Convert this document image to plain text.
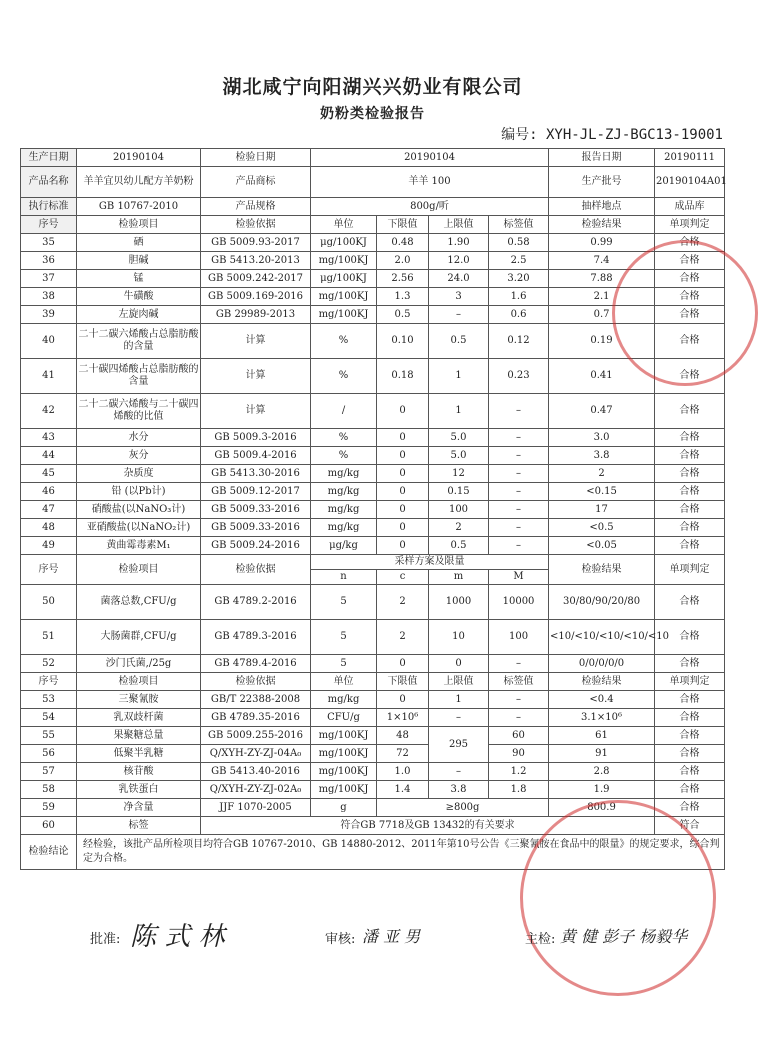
湖北咸宁向阳湖兴兴奶业有限公司
奶粉类检验报告
编号: XYH-JL-ZJ-BGC13-19001
生产日期	20190104	检验日期	20190104				报告日期	20190111
产品名称	羊羊宜贝幼儿配方羊奶粉	产品商标	羊羊 100				生产批号	20190104A01
执行标准	GB 10767-2010	产品规格	800g/听				抽样地点	成品库
序号	检验项目	检验依据	单位	下限值	上限值	标签值	检验结果	单项判定
35	硒	GB 5009.93-2017	μg/100KJ	0.48	1.90	0.58	0.99	合格
36	胆碱	GB 5413.20-2013	mg/100KJ	2.0	12.0	2.5	7.4	合格
37	锰	GB 5009.242-2017	μg/100KJ	2.56	24.0	3.20	7.88	合格
38	牛磺酸	GB 5009.169-2016	mg/100KJ	1.3	3	1.6	2.1	合格
39	左旋肉碱	GB 29989-2013	mg/100KJ	0.5	–	0.6	0.7	合格
40	二十二碳六烯酸占总脂肪酸的含量	计算	%	0.10	0.5	0.12	0.19	合格
41	二十碳四烯酸占总脂肪酸的含量	计算	%	0.18	1	0.23	0.41	合格
42	二十二碳六烯酸与二十碳四烯酸的比值	计算	/	0	1	–	0.47	合格
43	水分	GB 5009.3-2016	%	0	5.0	–	3.0	合格
44	灰分	GB 5009.4-2016	%	0	5.0	–	3.8	合格
45	杂质度	GB 5413.30-2016	mg/kg	0	12	–	2	合格
46	铅 (以Pb计)	GB 5009.12-2017	mg/kg	0	0.15	–	<0.15	合格
47	硝酸盐(以NaNO₃计)	GB 5009.33-2016	mg/kg	0	100	–	17	合格
48	亚硝酸盐(以NaNO₂计)	GB 5009.33-2016	mg/kg	0	2	–	<0.5	合格
49	黄曲霉毒素M₁	GB 5009.24-2016	μg/kg	0	0.5	–	<0.05	合格
序号	检验项目	检验依据	采样方案及限量				检验结果	单项判定
			n	c	m	M		
50	菌落总数,CFU/g	GB 4789.2-2016	5	2	1000	10000	30/80/90/20/80	合格
51	大肠菌群,CFU/g	GB 4789.3-2016	5	2	10	100	<10/<10/<10/<10/<10	合格
52	沙门氏菌,/25g	GB 4789.4-2016	5	0	0	–	0/0/0/0/0	合格
序号	检验项目	检验依据	单位	下限值	上限值	标签值	检验结果	单项判定
53	三聚氰胺	GB/T 22388-2008	mg/kg	0	1	–	<0.4	合格
54	乳双歧杆菌	GB 4789.35-2016	CFU/g	1×10⁶	–	–	3.1×10⁶	合格
55	果聚糖总量	GB 5009.255-2016	mg/100KJ	48	295	60	61	合格
56	低聚半乳糖	Q/XYH-ZY-ZJ-04A₀	mg/100KJ	72		90	91	合格
57	核苷酸	GB 5413.40-2016	mg/100KJ	1.0	–	1.2	2.8	合格
58	乳铁蛋白	Q/XYH-ZY-ZJ-02A₀	mg/100KJ	1.4	3.8	1.8	1.9	合格
59	净含量	JJF 1070-2005	g	≥800g			800.9	合格
60	标签	符合GB 7718及GB 13432的有关要求						符合
检验结论	经检验，该批产品所检项目均符合GB 10767-2010、GB 14880-2012、2011年第10号公告《三聚氰胺在食品中的限量》的规定要求，综合判定为合格。							
批准: 陈 式 林	审核: 潘 亚 男	主检: 黄 健 彭子 杨毅华
